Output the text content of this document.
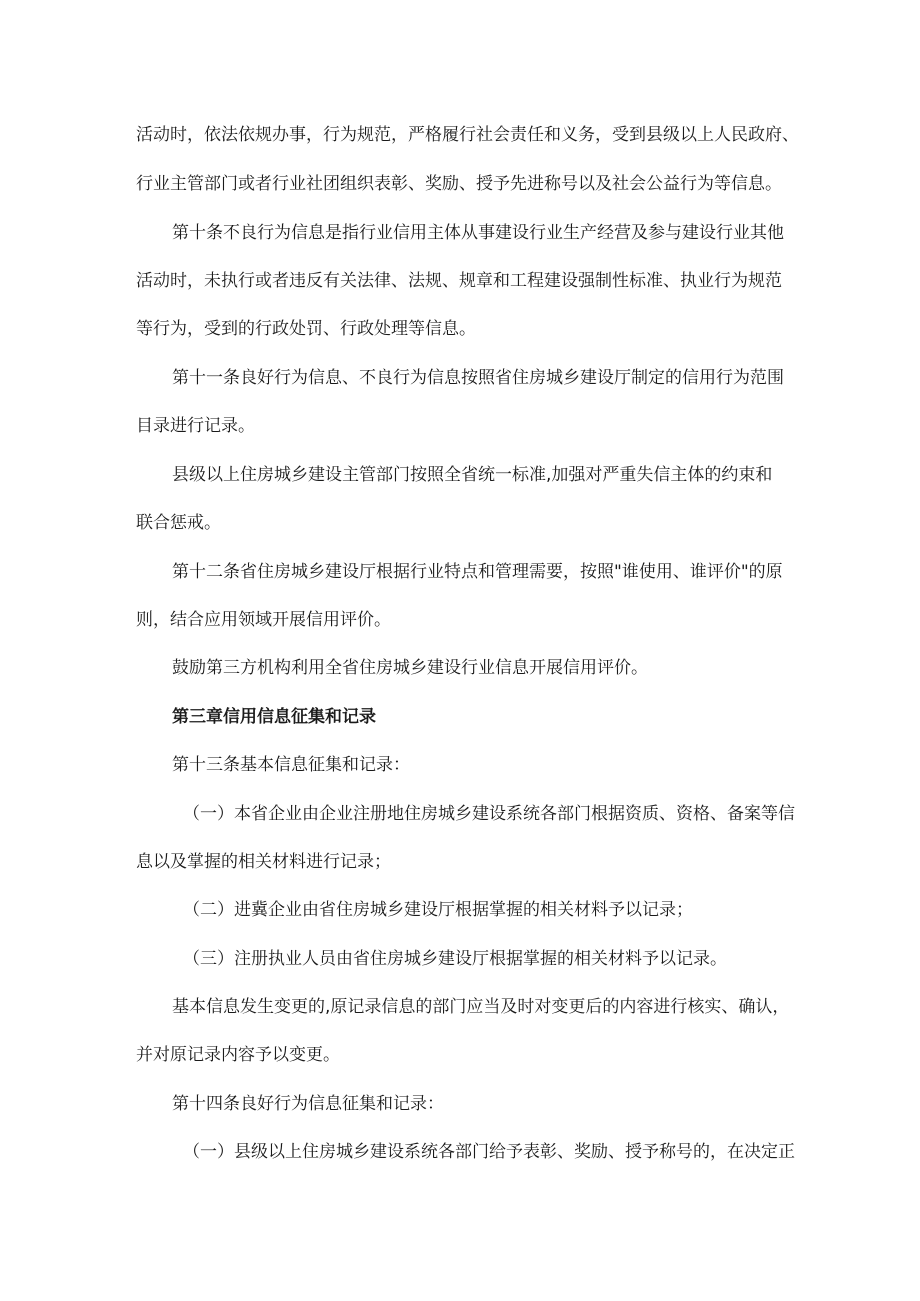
活动时，依法依规办事，行为规范，严格履行社会责任和义务，受到县级以上人民政府、
行业主管部门或者行业社团组织表彰、奖励、授予先进称号以及社会公益行为等信息。
第十条不良行为信息是指行业信用主体从事建设行业生产经营及参与建设行业其他
活动时，未执行或者违反有关法律、法规、规章和工程建设强制性标准、执业行为规范
等行为，受到的行政处罚、行政处理等信息。
第十一条良好行为信息、不良行为信息按照省住房城乡建设厅制定的信用行为范围
目录进行记录。
县级以上住房城乡建设主管部门按照全省统一标准,加强对严重失信主体的约束和
联合惩戒。
第十二条省住房城乡建设厅根据行业特点和管理需要，按照"谁使用、谁评价"的原
则，结合应用领域开展信用评价。
鼓励第三方机构利用全省住房城乡建设行业信息开展信用评价。
第三章信用信息征集和记录
第十三条基本信息征集和记录：
（一）本省企业由企业注册地住房城乡建设系统各部门根据资质、资格、备案等信
息以及掌握的相关材料进行记录；
（二）进冀企业由省住房城乡建设厅根据掌握的相关材料予以记录；
（三）注册执业人员由省住房城乡建设厅根据掌握的相关材料予以记录。
基本信息发生变更的,原记录信息的部门应当及时对变更后的内容进行核实、确认，
并对原记录内容予以变更。
第十四条良好行为信息征集和记录：
（一）县级以上住房城乡建设系统各部门给予表彰、奖励、授予称号的，在决定正
